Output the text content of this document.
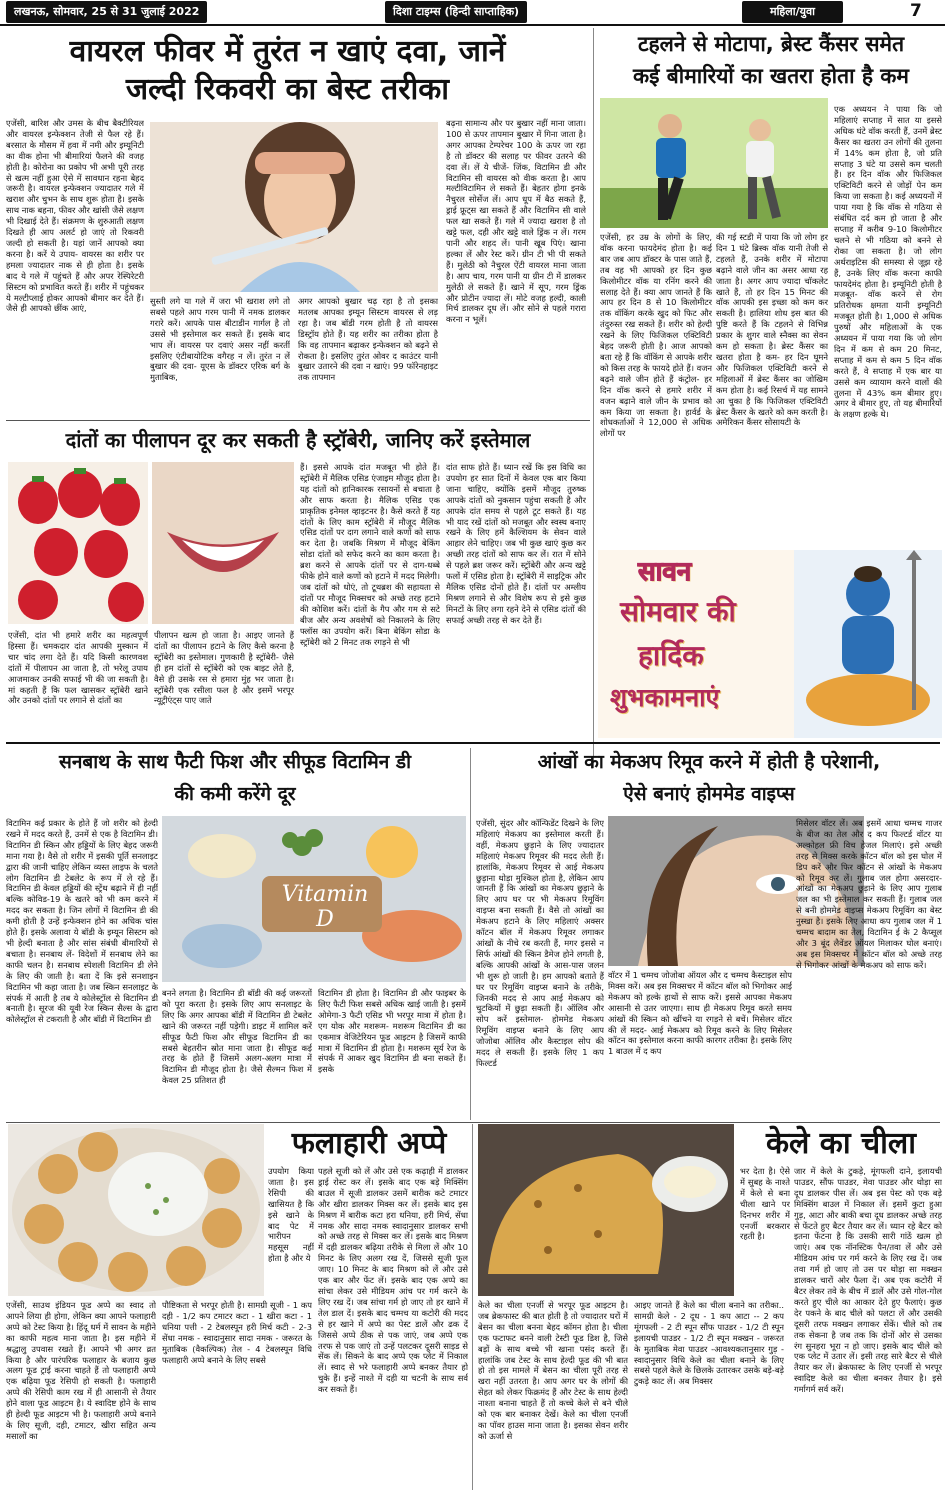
लखनऊ, सोमवार, 25 से 31 जुलाई 2022	दिशा टाइम्स (हिन्दी साप्ताहिक)	महिला/युवा	7
वायरल फीवर में तुरंत न खाएं दवा, जानें
जल्दी रिकवरी का बेस्ट तरीका
एजेंसी, बारिश और उमस के बीच बैक्टीरियल और वायरल इन्फेक्शन तेजी से फैल रहे हैं। बरसात के मौसम में हवा में नमी और इम्यूनिटी का वीक होना भी बीमारियां फैलने की वजह होती है। कोरोना का प्रकोप भी अभी पूरी तरह से खत्म नहीं हुआ ऐसे में सावधान रहना बेहद जरूरी है। वायरल इन्फेक्शन ज्यादातर गले में खराश और चुभन के साथ शुरू होता है। इसके साथ नाक बहना, फीवर और खांसी जैसे लक्षण भी दिखाई देते हैं। संक्रमण के शुरुआती लक्षण दिखते ही आप अलर्ट हो जाएं तो रिकवरी जल्दी हो सकती है। यहां जानें आपको क्या करना है। करें ये उपाय- वायरस का शरीर पर हमला ज्यादातर नाक से ही होता है। इसके बाद ये गले में पहुंचते हैं और अपर रेस्पिरेटरी सिस्टम को प्रभावित करते हैं। शरीर में पहुंचकर ये मल्टीप्लाई होकर आपको बीमार कर देते हैं। जैसे ही आपको छींक आएं,
सुस्ती लगे या गले में जरा भी खराश लगे तो सबसे पहले आप गरम पानी में नमक डालकर गरारे करें। आपके पास बीटाडीन गार्गल है तो उससे भी इस्तेमाल कर सकते हैं। इसके बाद भाप लें। वायरस पर दवाएं असर नहीं करतीं इसलिए एंटीबायोटिक वगैरह न लें। तुरंत न लें बुखार की दवा- यूएस के डॉक्टर एरिक बर्ग के मुताबिक,
अगर आपको बुखार चढ़ रहा है तो इसका मतलब आपका इम्यून सिस्टम वायरस से लड़ रहा है। जब बॉडी गरम होती है तो वायरस डिस्ट्रॉय होते हैं। यह शरीर का तरीका होता है कि वह तापमान बढ़ाकर इन्फेक्शन को बढ़ने से रोकता है। इसलिए तुरंत ओवर द काउंटर यानी बुखार उतारने की दवा न खाएं। 99 फॉरेनहाइट तक तापमान
बढ़ना सामान्य और पर बुखार नहीं माना जाता। 100 से ऊपर तापमान बुखार में गिना जाता है। अगर आपका टेम्परेचर 100 के ऊपर जा रहा है तो डॉक्टर की सलाह पर फीवर उतरने की दवा लें। लें ये चीजें- जिंक, विटामिन डी और विटामिन सी वायरस को वीक करता है। आप मल्टीविटामिन ले सकते हैं। बेहतर होगा इनके नैचुरल सोर्सेज लें। आप धूप में बैठ सकते हैं, ड्राई फ्रूट्स खा सकते हैं और विटामिन सी वाले फल खा सकते हैं। गले में ज्यादा खराश है तो खट्टे फल, दही और खट्टे वाले ड्रिंक न लें। गरम पानी और शहद लें। पानी खूब पिएं। खाना हल्का लें और रेस्ट करें। ग्रीन टी भी पी सकते हैं। मुलेठी को नैचुरल ऐंटी वायरल माना जाता है। आप चाय, गरम पानी या ग्रीन टी में डालकर मुलेठी ले सकते हैं। खाने में सूप, गरम ड्रिंक और प्रोटीन ज्यादा लें। मोटे वजह हल्दी, काली मिर्च डालकर दूध लें। और सोने से पहले गरारा करना न भूलें।
टहलने से मोटापा, ब्रेस्ट कैंसर समेत
कई बीमारियों का खतरा होता है कम
एजेंसी, हर उम्र के लोगों के लिए, वॉक करना फायदेमंद होता है। कई बार जब आप डॉक्टर के पास जाते हैं, तब वह भी आपको हर दिन कुछ किलोमीटर वॉक या रनिंग करने की सलाह देते हैं। क्या आप जानते हैं कि आप हर दिन 8 से 10 किलोमीटर तक वॉकिंग करके खुद को फिट और तंदुरुस्त रख सकते हैं। शरीर को हेल्दी रखने के लिए फिजिकल एक्टिविटी बेहद जरूरी होती है। आज आपको बता रहे हैं कि वॉकिंग से आपके शरीर को किस तरह के फायदे होते हैं। वजन बढ़ने वाले जीन होते हैं कंट्रोल- हर दिन वॉक करने से हमारे शरीर में वजन बढ़ाने वाले जीन के प्रभाव को कम किया जा सकता है। हार्वर्ड के शोधकर्ताओं ने 12,000 से अधिक लोगों पर
की गई स्टडी में पाया कि जो लोग हर दिन 1 घंटे ब्रिस्क वॉक यानी तेजी से टहलते हैं, उनके शरीर में मोटापा बढ़ाने वाले जीन का असर आधा रह जाता है। अगर आप ज्यादा चॉकलेट खाते हैं, तो हर दिन 15 मिनट की वॉक आपकी इस इच्छा को कम कर सकती है। हालिया शोध इस बात की पुष्टि करते हैं कि टहलने से विभिन्न प्रकार के शुगर वाले स्नैक्स का सेवन कम हो सकता है। ब्रेस्ट कैंसर का खतरा होता है कम- हर दिन घूमने और फिजिकल एक्टिविटी करने से महिलाओं में ब्रेस्ट कैंसर का जोखिम कम होता है। कई रिसर्च में यह सामने आ चुका है कि फिजिकल एक्टिविटी ब्रेस्ट कैंसर के खतरे को कम करती है। अमेरिकन कैंसर सोसायटी के
एक अध्ययन ने पाया कि जो महिलाएं सप्ताह में सात या इससे अधिक घंटे वॉक करती हैं, उनमें ब्रेस्ट कैंसर का खतरा उन लोगों की तुलना में 14% कम होता है, जो प्रति सप्ताह 3 घंटे या उससे कम चलती हैं। हर दिन वॉक और फिजिकल एक्टिविटी करने से जोड़ों पेन कम किया जा सकता है। कई अध्ययनों में पाया गया है कि वॉक से गठिया से संबंधित दर्द कम हो जाता है और सप्ताह में करीब 9-10 किलोमीटर चलने से भी गठिया को बनने से रोका जा सकता है। जो लोग अर्थराइटिस की समस्या से जूझ रहे हैं, उनके लिए वॉक करना काफी फायदेमंद होता है। इम्यूनिटी होती है मजबूत- वॉक करने से रोग प्रतिरोधक क्षमता यानी इम्यूनिटी मजबूत होती है। 1,000 से अधिक पुरुषों और महिलाओं के एक अध्ययन में पाया गया कि जो लोग दिन में कम से कम 20 मिनट, सप्ताह में कम से कम 5 दिन वॉक करते हैं, वे सप्ताह में एक बार या उससे कम व्यायाम करने वालों की तुलना में 43% कम बीमार हुए। अगर वे बीमार हुए, तो यह बीमारियों के लक्षण हल्के थे।
दांतों का पीलापन दूर कर सकती है स्ट्रॉबेरी, जानिए करें इस्तेमाल
एजेंसी, दांत भी हमारे शरीर का महत्वपूर्ण हिस्सा हैं। चमकदार दांत आपकी मुस्कान में चार चांद लगा देते हैं। यदि किसी कारणवश दांतों में पीलापन आ जाता है, तो भरेलू उपाय आजमाकर उनकी सफाई भी की जा सकती है। मां कहती हैं कि फल खासकर स्ट्रॉबेरी खाने और उनको दांतों पर लगाने से दांतों का
पीलापन खत्म हो जाता है। आइए जानते हैं दांतों का पीलापन हटाने के लिए कैसे करना है स्ट्रॉबेरी का इस्तेमाल। गुणकारी है स्ट्रॉबेरी- जैसे ही हम दांतों से स्ट्रॉबेरी को एक बाइट लेते हैं, वैसे ही उसके रस से हमारा मुंह भर जाता है। स्ट्रॉबेरी एक रसीला फल है और इसमें भरपूर न्यूट्रीएंट्स पाए जाते
हैं। इससे आपके दांत मजबूत भी होते हैं। स्ट्रॉबेरी में मैलिक एसिड एंजाइम मौजूद होता है। यह दांतों को हानिकारक रसायनों से बचाता है और साफ करता है। मैलिक एसिड एक प्राकृतिक इनेमल व्हाइटनर है। कैसे करते हैं यह दांतों के लिए काम स्ट्रॉबेरी में मौजूद मैलिक एसिड दांतों पर दाग लगाने वाले कणों को साफ कर देता है। जबकि मिश्रण में मौजूद बेकिंग सोडा दांतों को सफेद करने का काम करता है। ब्रश करने से आपके दांतों पर से दाग-धब्बे फीके होने वाले कणों को हटाने में मदद मिलेगी। जब दांतों को धोएं, तो टूथब्रश की सहायता से दांतों पर मौजूद मिक्सचर को अच्छे तरह हटाने की कोशिश करें। दांतों के गैप और गम से सटे बीज और अन्य अवशेषों को निकालने के लिए फ्लॉस का उपयोग करें। बिना बेकिंग सोडा के स्ट्रॉबेरी को 2 मिनट तक रगड़ने से भी
दांत साफ होते हैं। ध्यान रखें कि इस विधि का उपयोग हर सात दिनों में केवल एक बार किया जाना चाहिए, क्योंकि इसमें मौजूद तुरुष्क आपके दांतों को नुकसान पहुंचा सकती है और आपके दांत समय से पहले टूट सकते हैं। यह भी याद रखें दांतों को मजबूत और स्वस्थ बनाए रखने के लिए हमें कैल्शियम के सेवन वाले आहार लेने चाहिए। जब भी कुछ खाएं कुछ कर अच्छी तरह दांतों को साफ कर लें। रात में सोने से पहले ब्रश जरूर करें। स्ट्रॉबेरी और अन्य खट्टे फलों में एसिड होता है। स्ट्रॉबेरी में साइट्रिक और मैलिक एसिड दोनों होते हैं। दांतों पर अम्लीय मिश्रण लगाने से और विशेष रूप से इसे कुछ मिनटों के लिए लगा रहने देने से एसिड दांतों की सफाई अच्छी तरह से कर देते हैं।
सावन
सोमवार की
हार्दिक
शुभकामनाएं
सनबाथ के साथ फैटी फिश और सीफूड विटामिन डी
की कमी करेंगे दूर
विटामिन कई प्रकार के होते हैं जो शरीर को हेल्दी रखने में मदद करते हैं, उनमें से एक है विटामिन डी। विटामिन डी स्किन और हड्डियों के लिए बेहद जरूरी माना गया है। वैसे तो शरीर में इसकी पूर्ति सनलाइट द्वारा की जानी चाहिए लेकिन व्यस्त लाइफ के चलते लोग विटामिन डी टेबलेट के रूप में ले रहे हैं। विटामिन डी केवल हड्डियों की स्ट्रेंथ बढ़ाने में ही नहीं बल्कि कोविड-19 के खतरे को भी कम करने में मदद कर सकता है। जिन लोगों में विटामिन डी की कमी होती है उन्हें इन्फेक्शन होने का अधिक चांस होते हैं। इसके अलावा ये बॉडी के इम्यून सिस्टम को भी हेल्दी बनाता है और सांस संबंधी बीमारियों से बचाता है। सनबाथ लें- विदेशों में सनबाथ लेने का काफी चलन है। सनबाथ स्पेशली विटामिन डी लेने के लिए की जाती है। बता दें कि इसे सनशाइन विटामिन भी कहा जाता है। जब स्किन सनलाइट के संपर्क में आती है तब ये कोलेस्ट्रॉल से विटामिन डी बनाती है। सूरज की यूवी रेज स्किन सैल्स के द्वारा कोलेस्ट्रॉल से टकराती है और बॉडी में विटामिन डी
Vitamin D
बनने लगता है। विटामिन डी बॉडी की कई जरूरतों को पूरा करता है। इसके लिए आप सनलाइट के लिए कि अगर आपका बॉडी में विटामिन डी टेबलेट खाने की जरूरत नहीं पड़ेगी। डाइट में शामिल करें सीफूड फैटी फिश और सीफूड विटामिन डी का सबसे बेहतरीन स्रोत माना जाता है। सीफूड कई तरह के होते हैं जिसमें अलग-अलग मात्रा में विटामिन डी मौजूद होता है। जैसे सैल्मन फिश में केवल 25 प्रतिशत ही
विटामिन डी होता है। विटामिन डी और फाइबर के लिए फैटी फिश सबसे अधिक खाई जाती है। इसमें ओमेगा-3 फैटी एसिड भी भरपूर मात्रा में होता है। एग योक और मशरूम- मशरूम विटामिन डी का एकमात्र वेजिटेरियन फूड आइटम है जिसमें काफी मात्रा में विटामिन डी होता है। मशरूम सूर्य रेज के संपर्क में आकर खुद विटामिन डी बना सकते हैं। इसके
आंखों का मेकअप रिमूव करने में होती है परेशानी,
ऐसे बनाएं होममेड वाइप्स
एजेंसी, सुंदर और कॉन्फिडेंट दिखने के लिए महिलाएं मेकअप का इस्तेमाल करती हैं। वहीं, मेकअप छुड़ाने के लिए ज्यादातर महिलाएं मेकअप रिमूवर की मदद लेती हैं। हालांकि, मेकअप रिमूवर से आई मेकअप छुड़ाना थोड़ा मुश्किल होता है, लेकिन आप जानती हैं कि आंखों का मेकअप छुड़ाने के लिए आप घर पर भी मेकअप रिमूविंग वाइप्स बना सकती हैं। वैसे तो आंखों का मेकअप हटाने के लिए महिलाएं अक्सर कॉटन बॉल में मेकअप रिमूवर लगाकर आंखों के नीचे रब करती हैं, मगर इससे न सिर्फ आंखों की स्किन डैमेज होने लगती है, बल्कि आपकी आंखों के आस-पास जलन भी शुरू हो जाती है। हम आपको बताते हैं घर पर रिमूविंग वाइप्स बनाने के तरीके, जिनकी मदद से आप आई मेकअप को चुटकियों में छुड़ा सकती हैं। ऑलिव और सोप करें इस्तेमाल- होममेड मेकअप रिमूविंग वाइप्स बनाने के लिए आप जोजोबा ऑलिव और कैस्टाइल सोप की मदद ले सकती हैं। इसके लिए 1 कप फिल्टर्ड
वॉटर में 1 चम्मच जोजोबा ऑयल और द चम्मच कैस्टाइल सोप मिक्स करें। अब इस मिक्सचर में कॉटन बॉल को भिगोकर आई मेकअप को हल्के हाथों से साफ करें। इससे आपका मेकअप आसानी से उतर जाएगा। साथ ही मेकअप रिमूव करते समय आंखों की स्किन को खींचने या रगड़ने से बचें। मिसेलर वॉटर की लें मदद- आई मेकअप को रिमूव करने के लिए मिसेलर कॉटन का इस्तेमाल करना काफी कारगर तरीका है। इसके लिए 1 बाउल में द कप
मिसेलर वॉटर लें। अब इसमें आधा चम्मच गाजर के बीज का तेल और द कप फिल्टर्ड वॉटर या अल्कोहल फ्री विच हेजल मिलाएं। इसे अच्छी तरह से मिक्स करके कॉटन बॉल को इस घोल में डिप करें और फिर कॉटन से आंखों के मेकअप को रिमूव कर लें। गुलाब जल होगा असरदार- आंखों का मेकअप छुड़ाने के लिए आप गुलाब जल का भी इस्तेमाल कर सकती हैं। गुलाब जल से बनी होममेड वाइप्स मेकअप रिमूविंग का बेस्ट नुस्खा है। इसके लिए आधा कप गुलाब जल में 1 चम्मच बादाम का तेल, विटामिन ई के 2 कैप्सूल और 3 बूंद लैवेंडर ऑयल मिलाकर घोल बनाएं। अब इस मिक्सचर में कॉटन बॉल को अच्छे तरह से भिगोकर आंखों के मेकअप को साफ करें।
फलाहारी अप्पे
उपयोग किया जाता है। इस रेसिपी की खासियत है कि इसे खाने के बाद पेट में भारीपन महसूस नहीं होता है और ये
एजेंसी, साउथ इंडियन फूड अप्पे का स्वाद तो आपने लिया ही होगा, लेकिन क्या आपने फलाहारी अप्पे को टेस्ट किया है। हिंदू धर्म में सावन के महीने का काफी महत्व माना जाता है। इस महीने में श्रद्धालु उपवास रखते हैं। आपने भी अगर व्रत किया है और पारंपरिक फलाहार के बजाय कुछ अलग फूड ट्राई करना चाहते हैं तो फलाहारी अप्पे एक बढ़िया फूड रेसिपी हो सकती है। फलाहारी अप्पे की रेसिपी काम रख में ही आसानी से तैयार होने वाला फूड आइटम है। ये स्वादिष्ट होने के साथ ही हेल्दी फूड आइटम भी है। फलाहारी अप्पे बनाने के लिए सूजी, दही, टमाटर, खीरा सहित अन्य मसालों का
पौष्टिकता से भरपूर होती है। सामग्री सूजी - 1 कप दही - 1/2 कप टमाटर कटा - 1 खीरा कटा - 1 धनिया पत्ती - 2 टेबलस्पून हरी मिर्च कटी - 2-3 सेंधा नमक - स्वादानुसार सादा नमक - जरूरत के मुताबिक (वैकल्पिक) तेल - 4 टेबलस्पून विधि फलाहारी अप्पे बनाने के लिए सबसे
पहले सूजी को लें और उसे एक कढ़ाही में डालकर ड्राई रोस्ट कर लें। इसके बाद एक बड़े मिक्सिंग बाउल में सूजी डालकर उसमें बारीक कटे टमाटर और खीरा डालकर मिक्स कर लें। इसके बाद इस मिश्रण में बारीक कटा हरा धनिया, हरी मिर्च, सेंधा नमक और सादा नमक स्वादानुसार डालकर सभी को अच्छे तरह से मिक्स कर लें। इसके बाद मिश्रण में दही डालकर बढ़िया तरीके से मिला लें और 10 मिनट के लिए अलग रख दें, जिससे सूजी फूल जाए। 10 मिनट के बाद मिश्रण को लें और उसे एक बार और फेंट लें। इसके बाद एक अप्पे का सांचा लेकर उसे मीडियम आंच पर गर्म करने के लिए रख दें। जब सांचा गर्म हो जाए तो हर खाने में तेल डाल दें। इसके बाद चम्मच या कटोरी की मदद से हर खाने में अप्पे का पेस्ट डालें और ढक दें जिससे अप्पे ठीक से पक जाएं, जब अप्पे एक तरफ से पक जाएं तो उन्हें पलटकर दूसरी साइड से सेंक लें। सिकने के बाद अप्पे एक प्लेट में निकाल लें। स्वाद से भरे फलाहारी अप्पे बनकर तैयार हो चुके हैं। इन्हें नाश्ते में दही या चटनी के साथ सर्व कर सकते हैं।
केले का चीला
भर देता है। ऐसे में सुबह के नाश्ते में केले से बना चीला खाने पर दिनभर शरीर में एनर्जी बरकरार रहती है।
केले का चीला एनर्जी से भरपूर फूड आइटम है। जब ब्रेकफास्ट की बात होती है तो ज्यादातर घरों में बेसन का चीला बनना बेहद कॉमन होता है। चीला एक फटाफट बनने वाली टेस्टी फूड डिश है, जिसे बड़ों के साथ बच्चे भी खाना पसंद करते हैं। हालांकि जब टेस्ट के साथ हेल्दी फूड की भी बात हो तो इस मामले में बेसन का चीला पूरी तरह से खरा नहीं उतरता है। आप अगर घर के लोगों की सेहत को लेकर फिक्रमंद हैं और टेस्ट के साथ हेल्दी नाश्ता बनाना चाहते हैं तो कच्चे केले से बने चीले को एक बार बनाकर देखें। केले का चीला एनर्जी का पॉवर हाउस माना जाता है। इसका सेवन शरीर को ऊर्जा से
आइए जानते हैं केले का चीला बनाने का तरीका.. सामग्री केले - 2 दूध - 1 कप आटा -- 2 कप मूंगफली - 2 टी स्पून सौंफ पाउडर - 1/2 टी स्पून इलायची पाउडर - 1/2 टी स्पून मक्खन - जरूरत के मुताबिक मेवा पाउडर -आवश्यकतानुसार गुड़ - स्वादानुसार विधि केले का चीला बनाने के लिए सबसे पहले केले के छिलके उतारकर उसके बड़े-बड़े टुकड़े काट लें। अब मिक्सर
जार में केले के टुकड़े, मूंगफली दाने, इलायची पाउडर, सौंफ पाउडर, मेवा पाउडर और थोड़ा सा दूध डालकर पीस लें। अब इस पेस्ट को एक बड़े मिक्सिंग बाउल में निकाल लें। इसमें कुटा हुआ गुड़, आटा और बाकी बचा दूध डालकर अच्छे तरह से फेंटते हुए बैटर तैयार कर लें। ध्यान रहे बैटर को इतना फेंटना है कि उसकी सारी गांठें खत्म हो जाएं। अब एक नॉनस्टिक पैन/तवा लें और उसे मीडियम आंच पर गर्म करने के लिए रख दें। जब तवा गर्म हो जाए तो उस पर थोड़ा सा मक्खन डालकर चारों ओर फैला दें। अब एक कटोरी में बैटर लेकर तवे के बीच में डालें और उसे गोल-गोल करते हुए चीले का आकार देते हुए फैलाएं। कुछ देर पकने के बाद चीले को पलटा लें और उसकी दूसरी तरफ मक्खन लगाकर सेंकें। चीले को तब तक सेकना है जब तक कि दोनों ओर से उसका रंग सुनहरा भूरा न हो जाए। इसके बाद चीले को एक प्लेट में उतार लें। इसी तरह सारे बैटर से चीले तैयार कर लें। ब्रेकफास्ट के लिए एनर्जी से भरपूर स्वादिष्ट केले का चीला बनकर तैयार है। इसे गर्मागर्म सर्व करें।
